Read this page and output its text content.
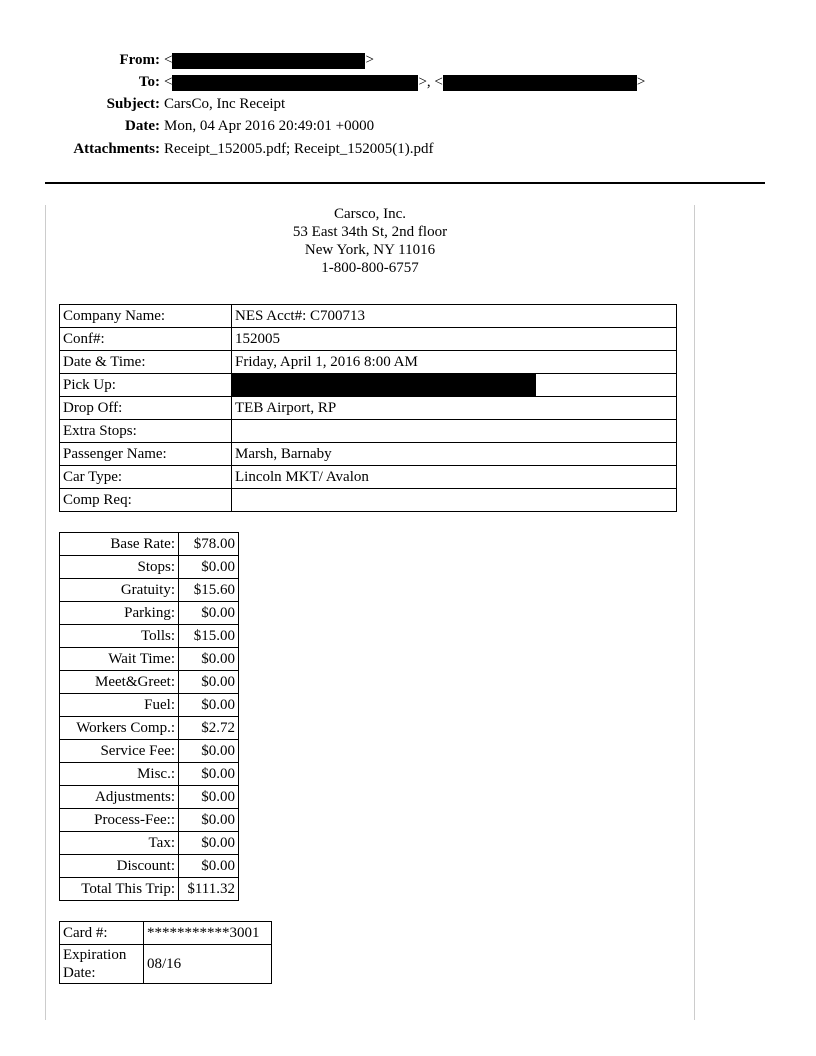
From: <	>
To: <	>, <	>
Subject: CarsCo, Inc Receipt
Date: Mon, 04 Apr 2016 20:49:01 +0000
Attachments: Receipt_152005.pdf; Receipt_152005(1).pdf
Carsco, Inc.
53 East 34th St, 2nd floor
New York, NY 11016
1-800-800-6757
Company Name:	NES Acct#: C700713
Conf#:	152005
Date & Time:	Friday, April 1, 2016 8:00 AM
Pick Up:	

Drop Off:	TEB Airport, RP
Extra Stops:	
Passenger Name:	Marsh, Barnaby
Car Type:	Lincoln MKT/ Avalon
Comp Req:	
Base Rate:	$78.00
Stops:	$0.00
Gratuity:	$15.60
Parking:	$0.00
Tolls:	$15.00
Wait Time:	$0.00
Meet&Greet:	$0.00
Fuel:	$0.00
Workers Comp.:	$2.72
Service Fee:	$0.00
Misc.:	$0.00
Adjustments:	$0.00
Process-Fee::	$0.00
Tax:	$0.00
Discount:	$0.00
Total This Trip:	$111.32
Card #:	***********3001
Expiration Date:	08/16
